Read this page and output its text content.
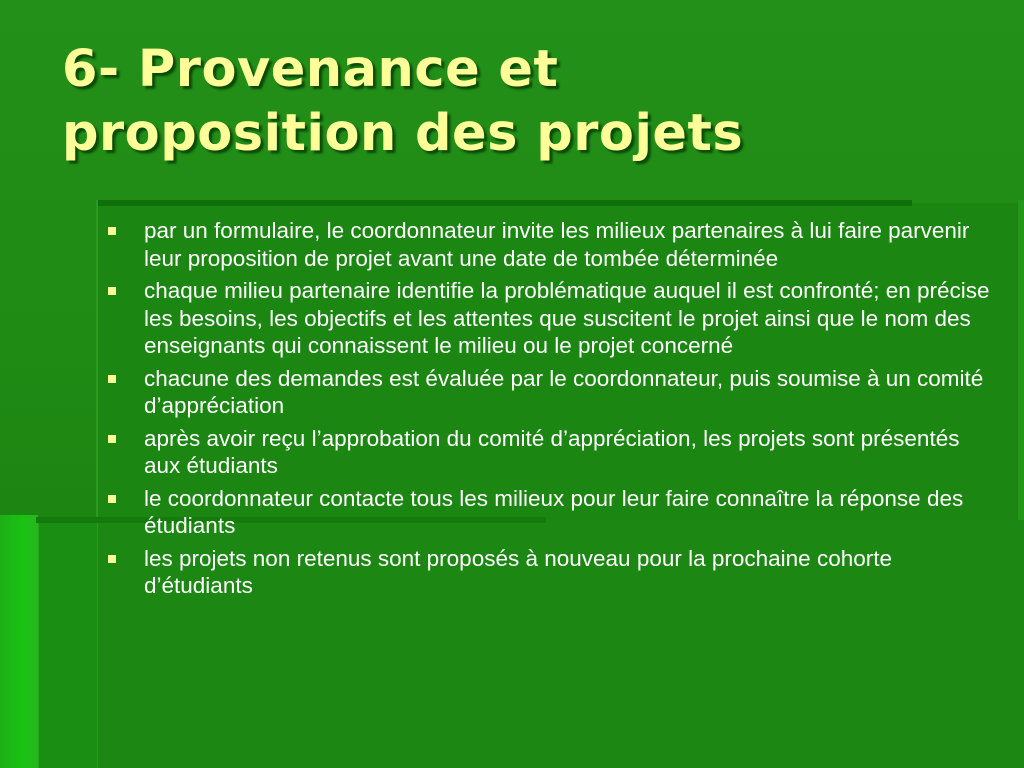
6- Provenance et
proposition des projets
par un formulaire, le coordonnateur invite les milieux partenaires à lui faire parvenir leur proposition de projet avant une date de tombée déterminée
chaque milieu partenaire identifie la problématique auquel il est confronté; en précise les besoins, les objectifs et les attentes que suscitent le projet ainsi que le nom des enseignants qui connaissent le milieu ou le projet concerné
chacune des demandes est évaluée par le coordonnateur, puis soumise à un comité d’appréciation
après avoir reçu l’approbation du comité d’appréciation, les projets sont présentés aux étudiants
le coordonnateur contacte tous les milieux pour leur faire connaître la réponse des étudiants
les projets non retenus sont proposés à nouveau pour la prochaine cohorte d’étudiants
